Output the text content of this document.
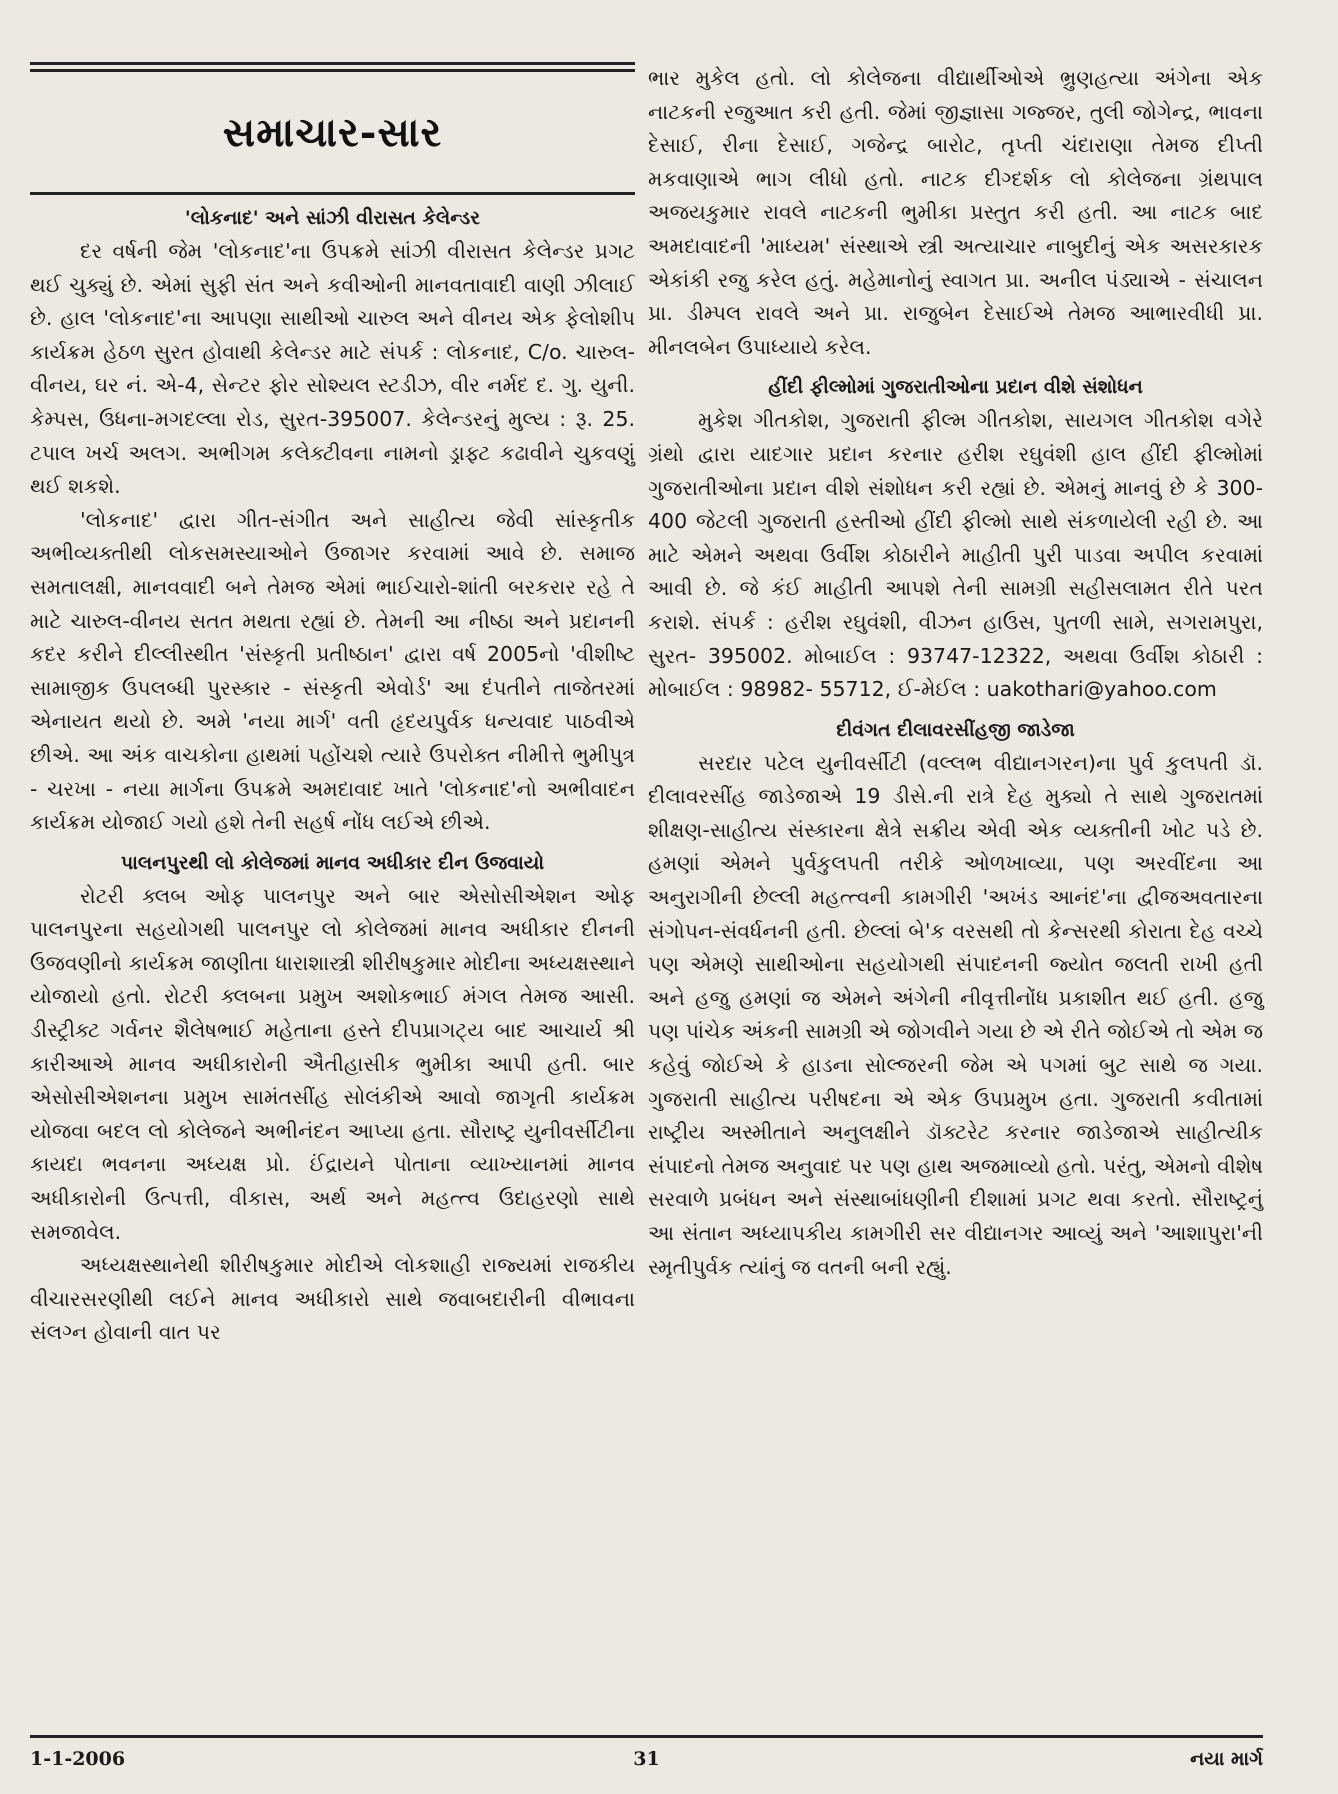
સમાચાર-સાર
'લોકનાદ' અને સાંઝી વીરાસત કેલેન્ડર

દર વર્ષની જેમ 'લોકનાદ'ના ઉપક્રમે સાંઝી વીરાસત કેલેન્ડર પ્રગટ થઈ ચુક્યું છે. એમાં સુફી સંત અને કવીઓની માનવતાવાદી વાણી ઝીલાઈ છે. હાલ 'લોકનાદ'ના આપણા સાથીઓ ચારુલ અને વીનય એક ફેલોશીપ કાર્યક્રમ હેઠળ સુરત હોવાથી કેલેન્ડર માટે સંપર્ક : લોકનાદ, C/o. ચારુલ-વીનય, ઘર નં. એ-4, સેન્ટર ફોર સોશ્યલ સ્ટડીઝ, વીર નર્મદ દ. ગુ. યુની. કેમ્પસ, ઉધના-મગદલ્લા રોડ, સુરત-395007. કેલેન્ડરનું મુલ્ય : રૂ. 25. ટપાલ ખર્ચ અલગ. અભીગમ કલેક્ટીવના નામનો ડ્રાફ્ટ કઢાવીને ચુકવણું થઈ શકશે.

'લોકનાદ' દ્વારા ગીત-સંગીત અને સાહીત્ય જેવી સાંસ્કૃતીક અભીવ્યક્તીથી લોકસમસ્યાઓને ઉજાગર કરવામાં આવે છે. સમાજ સમતાલક્ષી, માનવવાદી બને તેમજ એમાં ભાઈચારો-શાંતી બરકરાર રહે તે માટે ચારુલ-વીનય સતત મથતા રહ્યાં છે. તેમની આ નીષ્ઠા અને પ્રદાનની કદર કરીને દીલ્લીસ્થીત 'સંસ્કૃતી પ્રતીષ્ઠાન' દ્વારા વર્ષ 2005નો 'વીશીષ્ટ સામાજીક ઉપલબ્ધી પુરસ્કાર - સંસ્કૃતી એવોર્ડ' આ દંપતીને તાજેતરમાં એનાયત થયો છે. અમે 'નયા માર્ગ' વતી હૃદયપુર્વક ધન્યવાદ પાઠવીએ છીએ. આ અંક વાચકોના હાથમાં પહોંચશે ત્યારે ઉપરોક્ત નીમીત્તે ભુમીપુત્ર - ચરખા - નયા માર્ગના ઉપક્રમે અમદાવાદ ખાતે 'લોકનાદ'નો અભીવાદન કાર્યક્રમ યોજાઈ ગયો હશે તેની સહર્ષ નોંધ લઈએ છીએ.

પાલનપુરથી લો કોલેજમાં માનવ અધીકાર દીન ઉજવાયો

રોટરી ક્લબ ઓફ પાલનપુર અને બાર એસોસીએશન ઓફ પાલનપુરના સહયોગથી પાલનપુર લો કોલેજમાં માનવ અધીકાર દીનની ઉજવણીનો કાર્યક્રમ જાણીતા ધારાશાસ્ત્રી શીરીષકુમાર મોદીના અધ્યક્ષસ્થાને યોજાયો હતો. રોટરી ક્લબના પ્રમુખ અશોકભાઈ મંગલ તેમજ આસી. ડીસ્ટ્રીક્ટ ગર્વનર શૈલેષભાઈ મહેતાના હસ્તે દીપપ્રાગટ્ય બાદ આચાર્ય શ્રી કારીઆએ માનવ અધીકારોની ઐતીહાસીક ભુમીકા આપી હતી. બાર એસોસીએશનના પ્રમુખ સામંતસીંહ સોલંકીએ આવો જાગૃતી કાર્યક્રમ યોજવા બદલ લો કોલેજને અભીનંદન આપ્યા હતા. સૌરાષ્ટ્ર યુનીવર્સીટીના કાયદા ભવનના અધ્યક્ષ પ્રો. ઈંદ્રાયને પોતાના વ્યાખ્યાનમાં માનવ અધીકારોની ઉત્પત્તી, વીકાસ, અર્થ અને મહત્ત્વ ઉદાહરણો સાથે સમજાવેલ.

અધ્યક્ષસ્થાનેથી શીરીષકુમાર મોદીએ લોકશાહી રાજ્યમાં રાજકીય વીચારસરણીથી લઈને માનવ અધીકારો સાથે જવાબદારીની વીભાવના સંલગ્ન હોવાની વાત પર

ભાર મુકેલ હતો. લો કોલેજના વીદ્યાર્થીઓએ ભ્રુણહત્યા અંગેના એક નાટકની રજુઆત કરી હતી. જેમાં જીજ્ઞાસા ગજ્જર, તુલી જોગેન્દ્ર, ભાવના દેસાઈ, રીના દેસાઈ, ગજેન્દ્ર બારોટ, તૃપ્તી ચંદારાણા તેમજ દીપ્તી મકવાણાએ ભાગ લીધો હતો. નાટક દીગ્દર્શક લો કોલેજના ગ્રંથપાલ અજયકુમાર રાવલે નાટકની ભુમીકા પ્રસ્તુત કરી હતી. આ નાટક બાદ અમદાવાદની 'માધ્યમ' સંસ્થાએ સ્ત્રી અત્યાચાર નાબુદીનું એક અસરકારક એકાંકી રજુ કરેલ હતું. મહેમાનોનું સ્વાગત પ્રા. અનીલ પંડ્યાએ - સંચાલન પ્રા. ડીમ્પલ રાવલે અને પ્રા. રાજુબેન દેસાઈએ તેમજ આભારવીધી પ્રા. મીનલબેન ઉપાધ્યાયે કરેલ.

હીંદી ફીલ્મોમાં ગુજરાતીઓના પ્રદાન વીશે સંશોધન

મુકેશ ગીતકોશ, ગુજરાતી ફીલ્મ ગીતકોશ, સાયગલ ગીતકોશ વગેરે ગ્રંથો દ્વારા યાદગાર પ્રદાન કરનાર હરીશ રઘુવંશી હાલ હીંદી ફીલ્મોમાં ગુજરાતીઓના પ્રદાન વીશે સંશોધન કરી રહ્યાં છે. એમનું માનવું છે કે 300-400 જેટલી ગુજરાતી હસ્તીઓ હીંદી ફીલ્મો સાથે સંકળાયેલી રહી છે. આ માટે એમને અથવા ઉર્વીશ કોઠારીને માહીતી પુરી પાડવા અપીલ કરવામાં આવી છે. જે કંઈ માહીતી આપશે તેની સામગ્રી સહીસલામત રીતે પરત કરાશે. સંપર્ક : હરીશ રઘુવંશી, વીઝન હાઉસ, પુતળી સામે, સગરામપુરા, સુરત- 395002. મોબાઈલ : 93747-12322, અથવા ઉર્વીશ કોઠારી : મોબાઈલ : 98982- 55712, ઈ-મેઈલ : uakothari@yahoo.com

દીવંગત દીલાવરસીંહજી જાડેજા

સરદાર પટેલ યુનીવર્સીટી (વલ્લભ વીદ્યાનગરન)ના પુર્વ કુલપતી ડૉ. દીલાવરસીંહ જાડેજાએ 19 ડીસે.ની રાત્રે દેહ મુક્યો તે સાથે ગુજરાતમાં શીક્ષણ-સાહીત્ય સંસ્કારના ક્ષેત્રે સક્રીય એવી એક વ્યક્તીની ખોટ પડે છે. હમણાં એમને પુર્વકુલપતી તરીકે ઓળખાવ્યા, પણ અરવીંદના આ અનુરાગીની છેલ્લી મહત્ત્વની કામગીરી 'અખંડ આનંદ'ના દ્વીજઅવતારના સંગોપન-સંવર્ધનની હતી. છેલ્લાં બે'ક વરસથી તો કેન્સરથી કોરાતા દેહ વચ્ચે પણ એમણે સાથીઓના સહયોગથી સંપાદનની જ્યોત જલતી રાખી હતી અને હજુ હમણાં જ એમને અંગેની નીવૃત્તીનોંધ પ્રકાશીત થઈ હતી. હજુ પણ પાંચેક અંકની સામગ્રી એ જોગવીને ગયા છે એ રીતે જોઈએ તો એમ જ કહેવું જોઈએ કે હાડના સોલ્જરની જેમ એ પગમાં બુટ સાથે જ ગયા. ગુજરાતી સાહીત્ય પરીષદના એ એક ઉપપ્રમુખ હતા. ગુજરાતી કવીતામાં રાષ્ટ્રીય અસ્મીતાને અનુલક્ષીને ડૉક્ટરેટ કરનાર જાડેજાએ સાહીત્યીક સંપાદનો તેમજ અનુવાદ પર પણ હાથ અજમાવ્યો હતો. પરંતુ, એમનો વીશેષ સરવાળે પ્રબંધન અને સંસ્થાબાંધણીની દીશામાં પ્રગટ થવા કરતો. સૌરાષ્ટ્રનું આ સંતાન અધ્યાપકીય કામગીરી સર વીદ્યાનગર આવ્યું અને 'આશાપુરા'ની સ્મૃતીપુર્વક ત્યાંનું જ વતની બની રહ્યું.

1-1-2006	31	નયા માર્ગ
